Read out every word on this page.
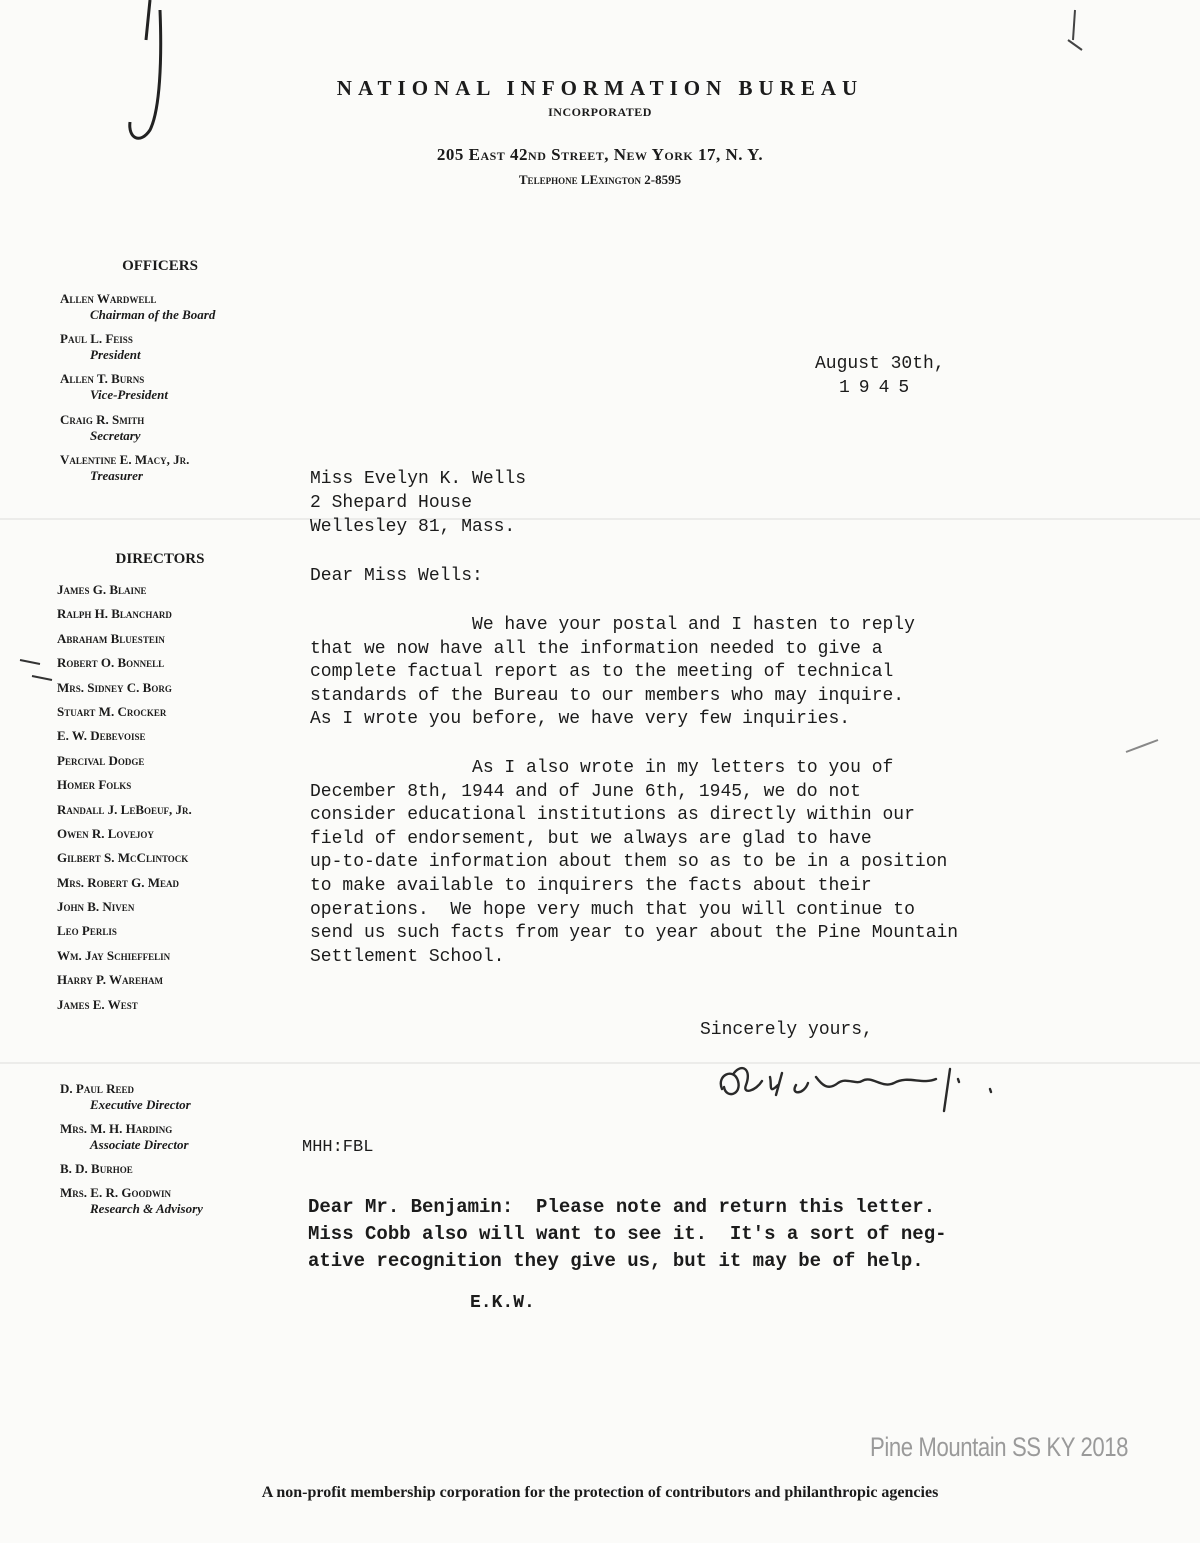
NATIONAL INFORMATION BUREAU
INCORPORATED
205 East 42nd Street, New York 17, N. Y.
Telephone LExington 2-8595
OFFICERS
Allen Wardwell
Chairman of the Board
Paul L. Feiss
President
Allen T. Burns
Vice-President
Craig R. Smith
Secretary
Valentine E. Macy, Jr.
Treasurer
DIRECTORS
James G. Blaine
Ralph H. Blanchard
Abraham Bluestein
Robert O. Bonnell
Mrs. Sidney C. Borg
Stuart M. Crocker
E. W. Debevoise
Percival Dodge
Homer Folks
Randall J. LeBoeuf, Jr.
Owen R. Lovejoy
Gilbert S. McClintock
Mrs. Robert G. Mead
John B. Niven
Leo Perlis
Wm. Jay Schieffelin
Harry P. Wareham
James E. West
D. Paul Reed
Executive Director
Mrs. M. H. Harding
Associate Director
B. D. Burhoe
Mrs. E. R. Goodwin
Research & Advisory
August 30th,
1945
Miss Evelyn K. Wells
2 Shepard House
Wellesley 81, Mass.
Dear Miss Wells:
We have your postal and I hasten to reply
that we now have all the information needed to give a
complete factual report as to the meeting of technical
standards of the Bureau to our members who may inquire.
As I wrote you before, we have very few inquiries.
As I also wrote in my letters to you of
December 8th, 1944 and of June 6th, 1945, we do not
consider educational institutions as directly within our
field of endorsement, but we always are glad to have
up-to-date information about them so as to be in a position
to make available to inquirers the facts about their
operations.  We hope very much that you will continue to
send us such facts from year to year about the Pine Mountain
Settlement School.
Sincerely yours,
MHH:FBL
Dear Mr. Benjamin:  Please note and return this letter.
Miss Cobb also will want to see it.  It's a sort of neg-
ative recognition they give us, but it may be of help.
E.K.W.
Pine Mountain SS KY 2018
A non-profit membership corporation for the protection of contributors and philanthropic agencies
